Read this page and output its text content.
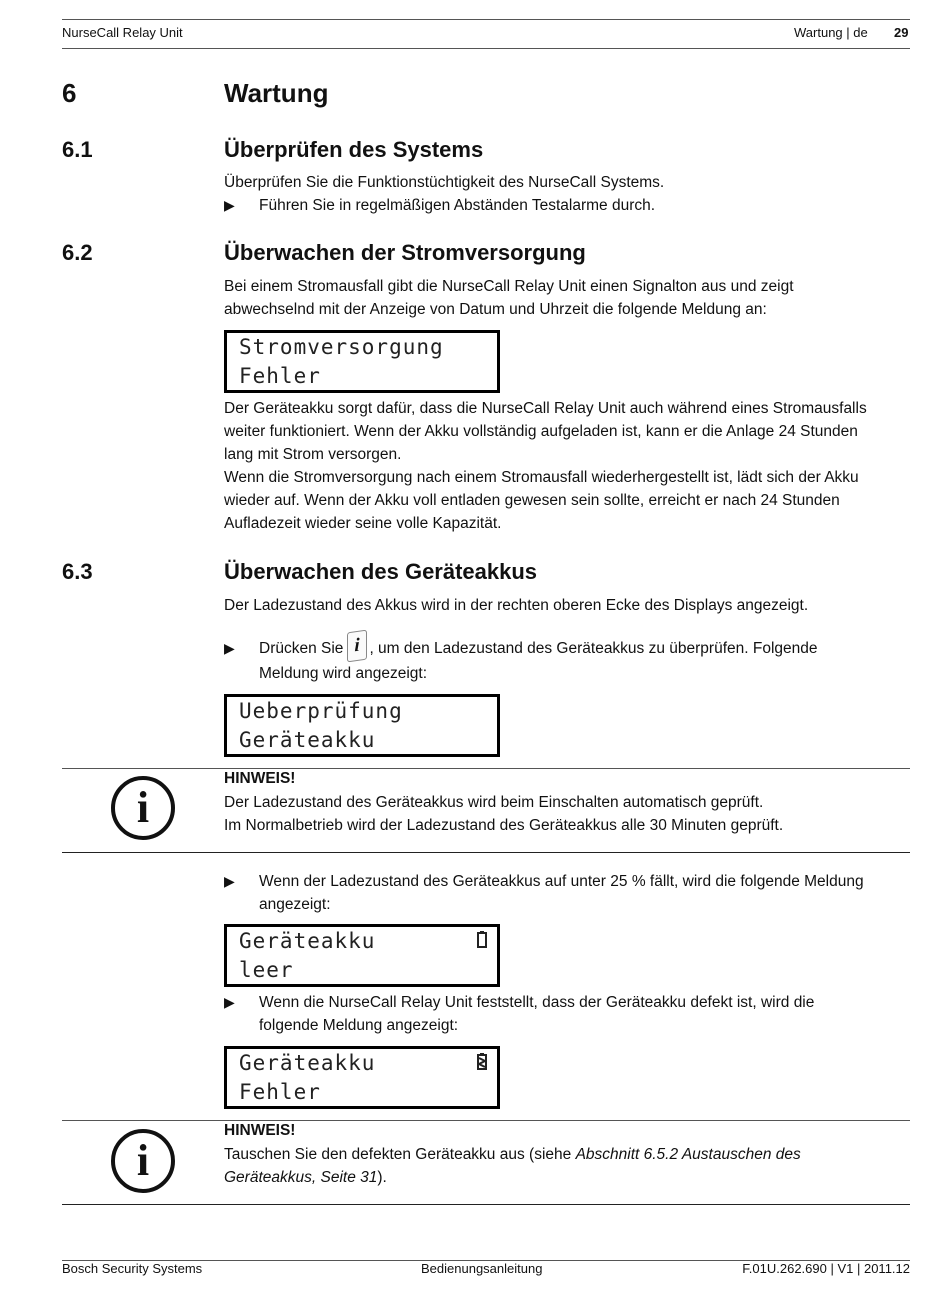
NurseCall Relay Unit	Wartung | de 29
6	Wartung
6.1	Überprüfen des Systems
Überprüfen Sie die Funktionstüchtigkeit des NurseCall Systems.
▶ Führen Sie in regelmäßigen Abständen Testalarme durch.
6.2	Überwachen der Stromversorgung
Bei einem Stromausfall gibt die NurseCall Relay Unit einen Signalton aus und zeigt
abwechselnd mit der Anzeige von Datum und Uhrzeit die folgende Meldung an:
Stromversorgung
Fehler
Der Geräteakku sorgt dafür, dass die NurseCall Relay Unit auch während eines Stromausfalls
weiter funktioniert. Wenn der Akku vollständig aufgeladen ist, kann er die Anlage 24 Stunden
lang mit Strom versorgen.
Wenn die Stromversorgung nach einem Stromausfall wiederhergestellt ist, lädt sich der Akku
wieder auf. Wenn der Akku voll entladen gewesen sein sollte, erreicht er nach 24 Stunden
Aufladezeit wieder seine volle Kapazität.
6.3	Überwachen des Geräteakkus
Der Ladezustand des Akkus wird in der rechten oberen Ecke des Displays angezeigt.
▶ Drücken Sie i , um den Ladezustand des Geräteakkus zu überprüfen. Folgende
Meldung wird angezeigt:
Ueberprüfung
Geräteakku
i
HINWEIS!
Der Ladezustand des Geräteakkus wird beim Einschalten automatisch geprüft.
Im Normalbetrieb wird der Ladezustand des Geräteakkus alle 30 Minuten geprüft.
▶ Wenn der Ladezustand des Geräteakkus auf unter 25 % fällt, wird die folgende Meldung
angezeigt:
Geräteakku
leer
▶ Wenn die NurseCall Relay Unit feststellt, dass der Geräteakku defekt ist, wird die
folgende Meldung angezeigt:
Geräteakku
Fehler
i
HINWEIS!
Tauschen Sie den defekten Geräteakku aus (siehe Abschnitt 6.5.2 Austauschen des
Geräteakkus, Seite 31).
Bosch Security Systems	Bedienungsanleitung	F.01U.262.690 | V1 | 2011.12
